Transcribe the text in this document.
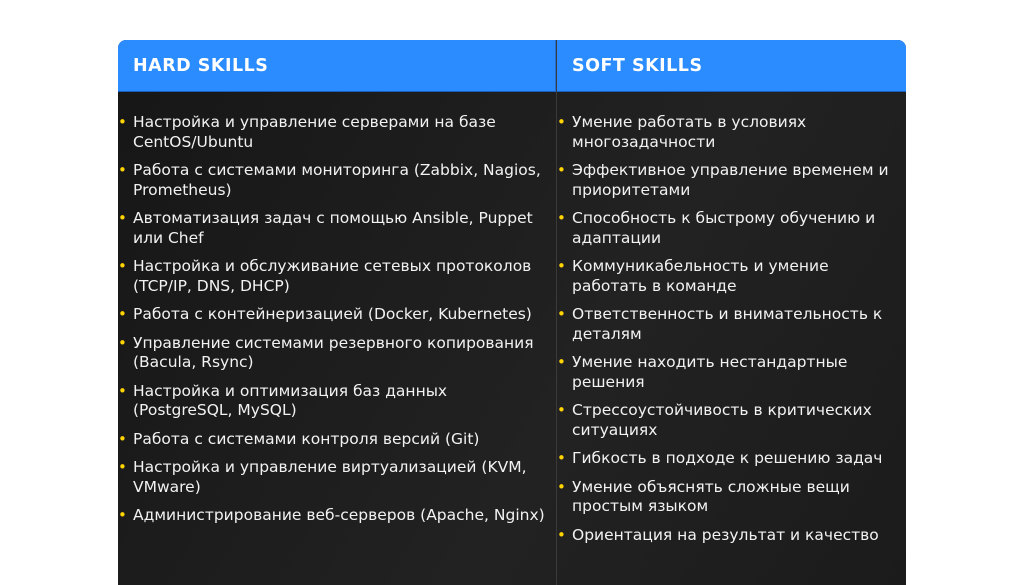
HARD SKILLS
• Настройка и управление серверами на базе CentOS/Ubuntu
• Работа с системами мониторинга (Zabbix, Nagios, Prometheus)
• Автоматизация задач с помощью Ansible, Puppet или Chef
• Настройка и обслуживание сетевых протоколов (TCP/IP, DNS, DHCP)
• Работа с контейнеризацией (Docker, Kubernetes)
• Управление системами резервного копирования (Bacula, Rsync)
• Настройка и оптимизация баз данных (PostgreSQL, MySQL)
• Работа с системами контроля версий (Git)
• Настройка и управление виртуализацией (KVM, VMware)
• Администрирование веб-серверов (Apache, Nginx)
SOFT SKILLS
• Умение работать в условиях многозадачности
• Эффективное управление временем и приоритетами
• Способность к быстрому обучению и адаптации
• Коммуникабельность и умение работать в команде
• Ответственность и внимательность к деталям
• Умение находить нестандартные решения
• Стрессоустойчивость в критических ситуациях
• Гибкость в подходе к решению задач
• Умение объяснять сложные вещи простым языком
• Ориентация на результат и качество
